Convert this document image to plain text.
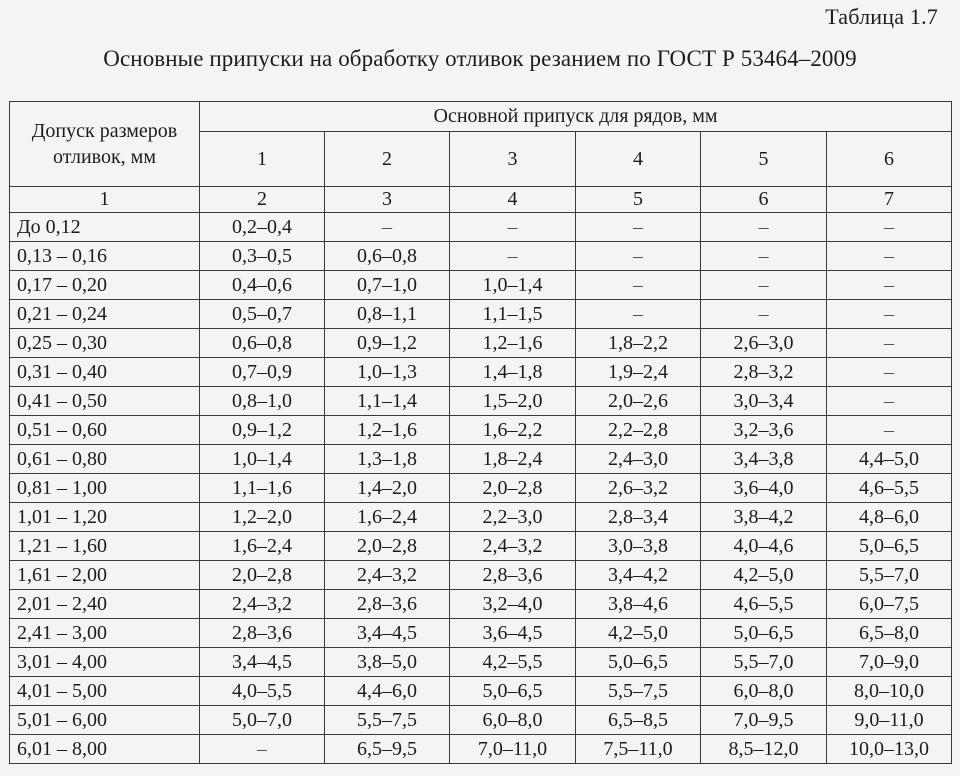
Таблица 1.7
Основные припуски на обработку отливок резанием по ГОСТ Р 53464–2009
Допуск размеров отливок, мм	Основной припуск для рядов, мм					
	1	2	3	4	5	6
1	2	3	4	5	6	7
До 0,12	0,2–0,4	–	–	–	–	–
0,13 – 0,16	0,3–0,5	0,6–0,8	–	–	–	–
0,17 – 0,20	0,4–0,6	0,7–1,0	1,0–1,4	–	–	–
0,21 – 0,24	0,5–0,7	0,8–1,1	1,1–1,5	–	–	–
0,25 – 0,30	0,6–0,8	0,9–1,2	1,2–1,6	1,8–2,2	2,6–3,0	–
0,31 – 0,40	0,7–0,9	1,0–1,3	1,4–1,8	1,9–2,4	2,8–3,2	–
0,41 – 0,50	0,8–1,0	1,1–1,4	1,5–2,0	2,0–2,6	3,0–3,4	–
0,51 – 0,60	0,9–1,2	1,2–1,6	1,6–2,2	2,2–2,8	3,2–3,6	–
0,61 – 0,80	1,0–1,4	1,3–1,8	1,8–2,4	2,4–3,0	3,4–3,8	4,4–5,0
0,81 – 1,00	1,1–1,6	1,4–2,0	2,0–2,8	2,6–3,2	3,6–4,0	4,6–5,5
1,01 – 1,20	1,2–2,0	1,6–2,4	2,2–3,0	2,8–3,4	3,8–4,2	4,8–6,0
1,21 – 1,60	1,6–2,4	2,0–2,8	2,4–3,2	3,0–3,8	4,0–4,6	5,0–6,5
1,61 – 2,00	2,0–2,8	2,4–3,2	2,8–3,6	3,4–4,2	4,2–5,0	5,5–7,0
2,01 – 2,40	2,4–3,2	2,8–3,6	3,2–4,0	3,8–4,6	4,6–5,5	6,0–7,5
2,41 – 3,00	2,8–3,6	3,4–4,5	3,6–4,5	4,2–5,0	5,0–6,5	6,5–8,0
3,01 – 4,00	3,4–4,5	3,8–5,0	4,2–5,5	5,0–6,5	5,5–7,0	7,0–9,0
4,01 – 5,00	4,0–5,5	4,4–6,0	5,0–6,5	5,5–7,5	6,0–8,0	8,0–10,0
5,01 – 6,00	5,0–7,0	5,5–7,5	6,0–8,0	6,5–8,5	7,0–9,5	9,0–11,0
6,01 – 8,00	–	6,5–9,5	7,0–11,0	7,5–11,0	8,5–12,0	10,0–13,0
